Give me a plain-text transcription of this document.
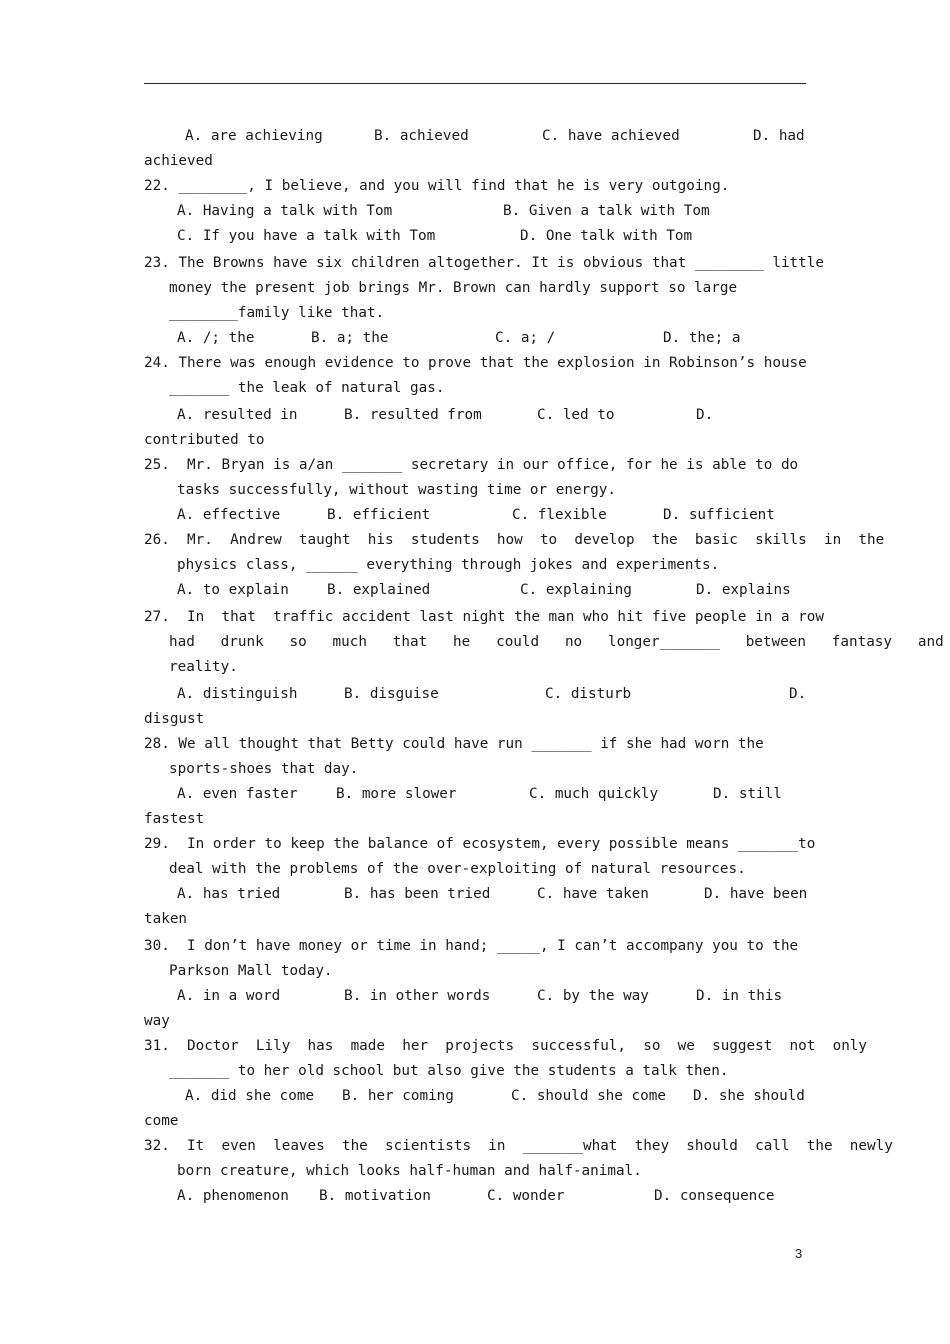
A. are achieving

	B. achieved

	C. have achieved

	D. had

achieved
22. ________, I believe, and you will find that he is very outgoing.

A. Having a talk with Tom

	B. Given a talk with Tom

C. If you have a talk with Tom

	D. One talk with Tom

23. The Browns have six children altogether. It is obvious that ________ little
money the present job brings Mr. Brown can hardly support so large
________family like that.

A. /; the

	B. a; the

	C. a; /

	D. the; a

24. There was enough evidence to prove that the explosion in Robinson’s house
_______ the leak of natural gas.

A. resulted in

	B. resulted from

	C. led to

	D.

contributed to
25.  Mr. Bryan is a/an _______ secretary in our office, for he is able to do
tasks successfully, without wasting time or energy.

A. effective

	B. efficient

	C. flexible

	D. sufficient

26.  Mr.  Andrew  taught  his  students  how  to  develop  the  basic  skills  in  the
physics class, ______ everything through jokes and experiments.

A. to explain

	B. explained

	C. explaining

	D. explains

27.  In  that  traffic accident last night the man who hit five people in a row
had   drunk   so   much   that   he   could   no   longer_______   between   fantasy   and
reality.

A. distinguish

	B. disguise

	C. disturb

	D.

disgust
28. We all thought that Betty could have run _______ if she had worn the
sports-shoes that day.

A. even faster

	B. more slower

	C. much quickly

	D. still

fastest
29.  In order to keep the balance of ecosystem, every possible means _______to
deal with the problems of the over-exploiting of natural resources.

A. has tried

	B. has been tried

	C. have taken

	D. have been

taken
30.  I don’t have money or time in hand; _____, I can’t accompany you to the
Parkson Mall today.

A. in a word

	B. in other words

	C. by the way

	D. in this

way
31.  Doctor  Lily  has  made  her  projects  successful,  so  we  suggest  not  only
_______ to her old school but also give the students a talk then.

A. did she come

B. her coming

	C. should she come

D. she should

come
32.  It  even  leaves  the  scientists  in  _______what  they  should  call  the  newly
born creature, which looks half-human and half-animal.

A. phenomenon

B. motivation

	C. wonder

	D. consequence

3
